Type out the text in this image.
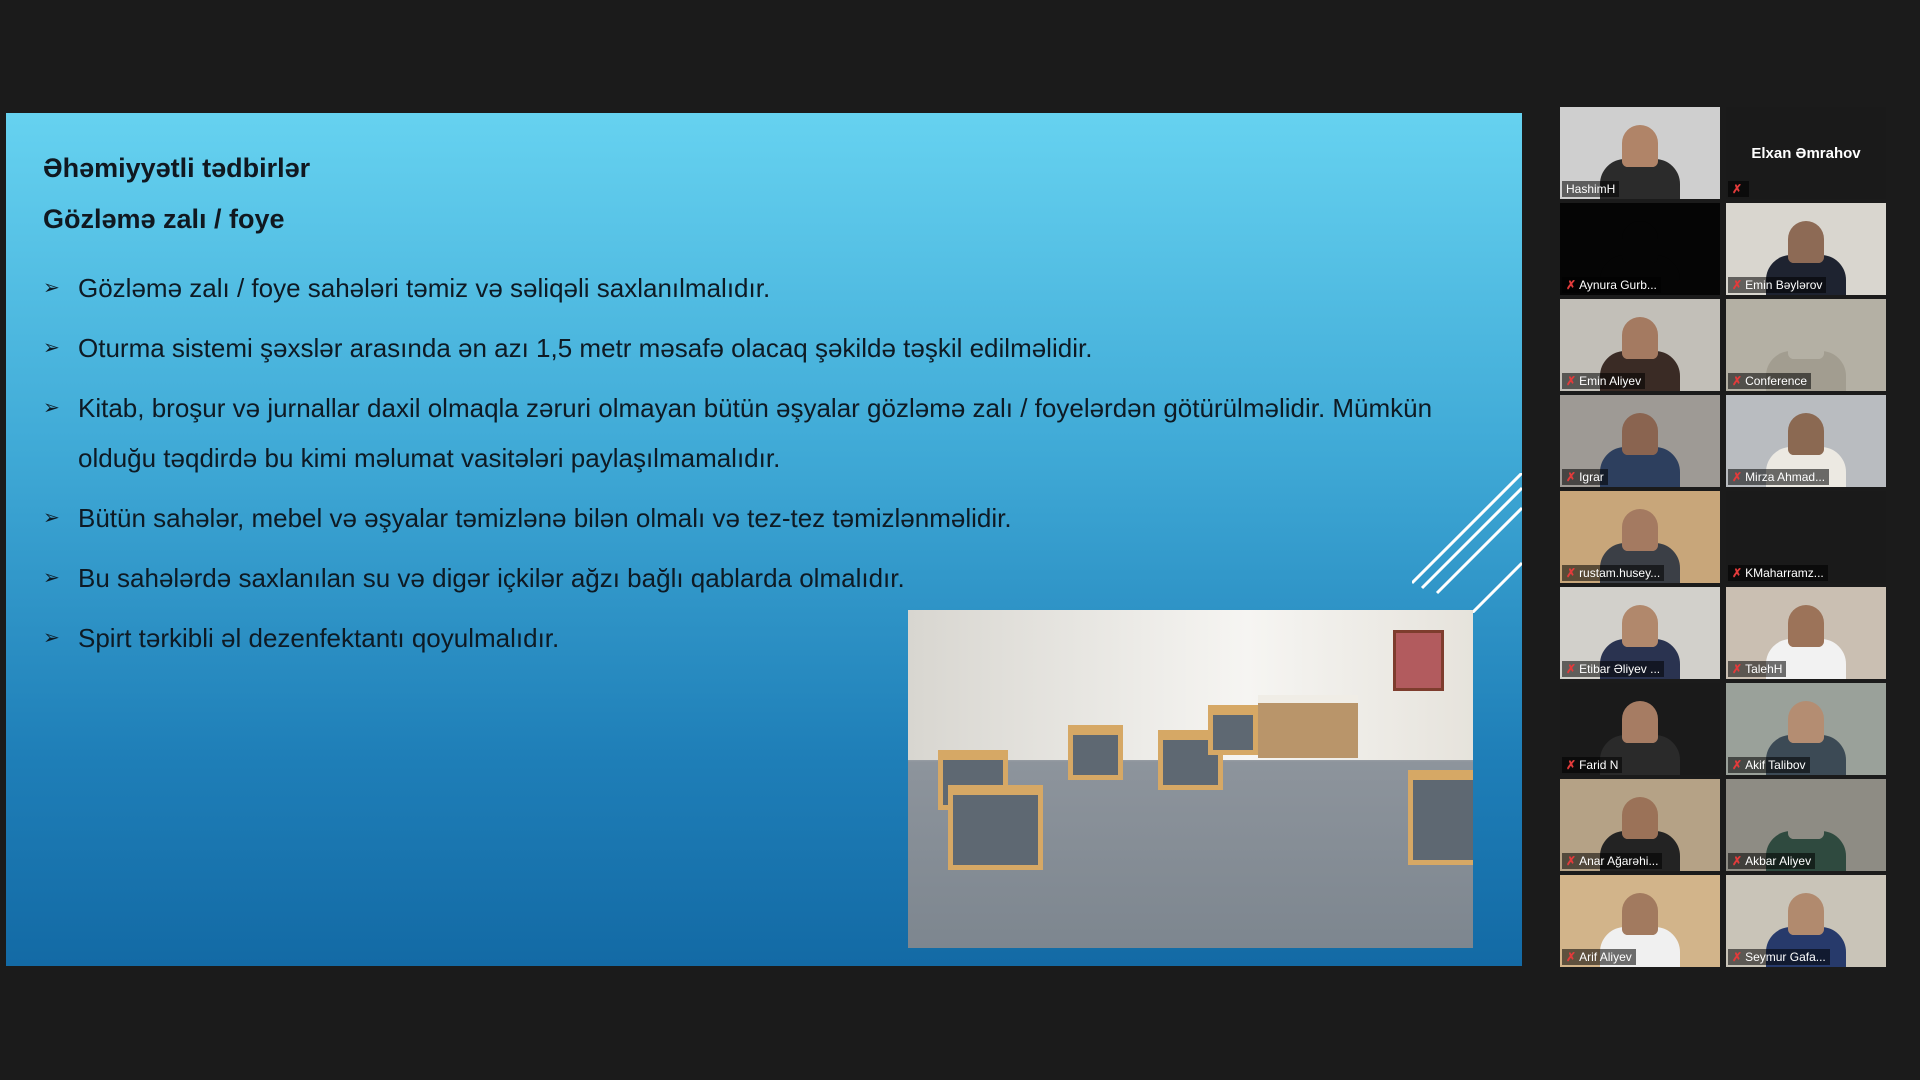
Əhəmiyyətli tədbirlər
Gözləmə zalı / foye
➢ Gözləmə zalı / foye sahələri təmiz və səliqəli saxlanılmalıdır.
➢ Oturma sistemi şəxslər arasında ən azı 1,5 metr məsafə olacaq şəkildə təşkil edilməlidir.
➢ Kitab, broşur və jurnallar daxil olmaqla zəruri olmayan bütün əşyalar gözləmə zalı / foyelərdən götürülməlidir. Mümkün olduğu təqdirdə bu kimi məlumat vasitələri paylaşılmamalıdır.
➢ Bütün sahələr, mebel və əşyalar təmizlənə bilən olmalı və tez-tez təmizlənməlidir.
➢ Bu sahələrdə saxlanılan su və digər içkilər ağzı bağlı qablarda olmalıdır.
➢ Spirt tərkibli əl dezenfektantı qoyulmalıdır.
HashimH
Elxan Əmrahov
✗
✗ Aynura Gurb...	✗ Emin Bəylərov
✗ Emin Aliyev	✗ Conference
✗ Igrar	✗ Mirza Ahmad...
✗ rustam.husey...	✗ KMaharramz...
✗ Etibar Əliyev ...	✗ TalehH
✗ Farid N	✗ Akif Talibov
✗ Anar Ağarəhi...	✗ Akbar Aliyev
✗ Arif Aliyev	✗ Seymur Gafa...
